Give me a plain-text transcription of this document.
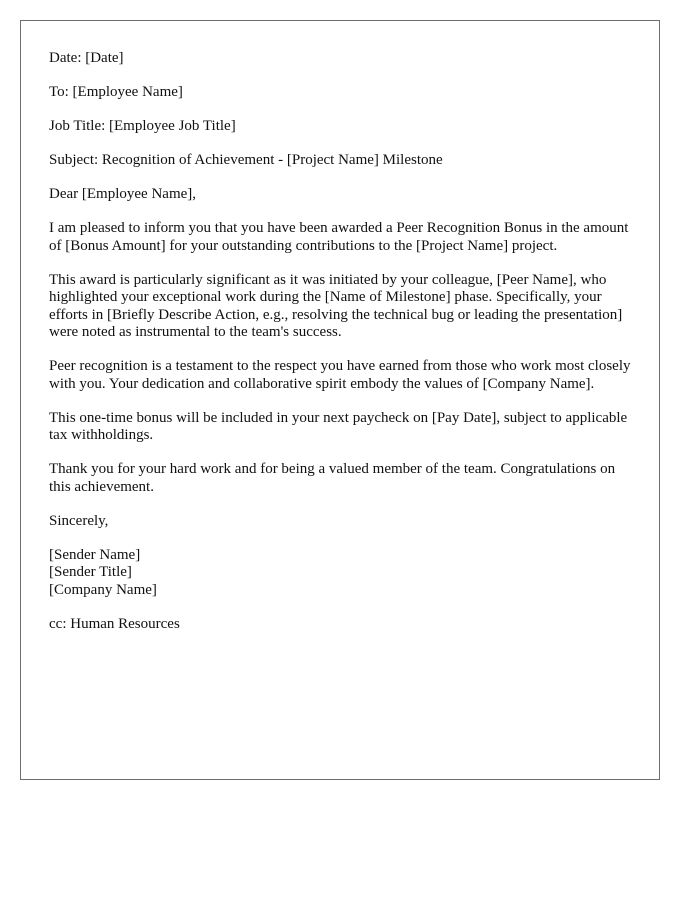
Date: [Date]

To: [Employee Name]

Job Title: [Employee Job Title]

Subject: Recognition of Achievement - [Project Name] Milestone

Dear [Employee Name],

I am pleased to inform you that you have been awarded a Peer Recognition Bonus in the amount of [Bonus Amount] for your outstanding contributions to the [Project Name] project.

This award is particularly significant as it was initiated by your colleague, [Peer Name], who highlighted your exceptional work during the [Name of Milestone] phase. Specifically, your efforts in [Briefly Describe Action, e.g., resolving the technical bug or leading the presentation] were noted as instrumental to the team's success.

Peer recognition is a testament to the respect you have earned from those who work most closely with you. Your dedication and collaborative spirit embody the values of [Company Name].

This one-time bonus will be included in your next paycheck on [Pay Date], subject to applicable tax withholdings.

Thank you for your hard work and for being a valued member of the team. Congratulations on this achievement.

Sincerely,

[Sender Name]
[Sender Title]
[Company Name]

cc: Human Resources
